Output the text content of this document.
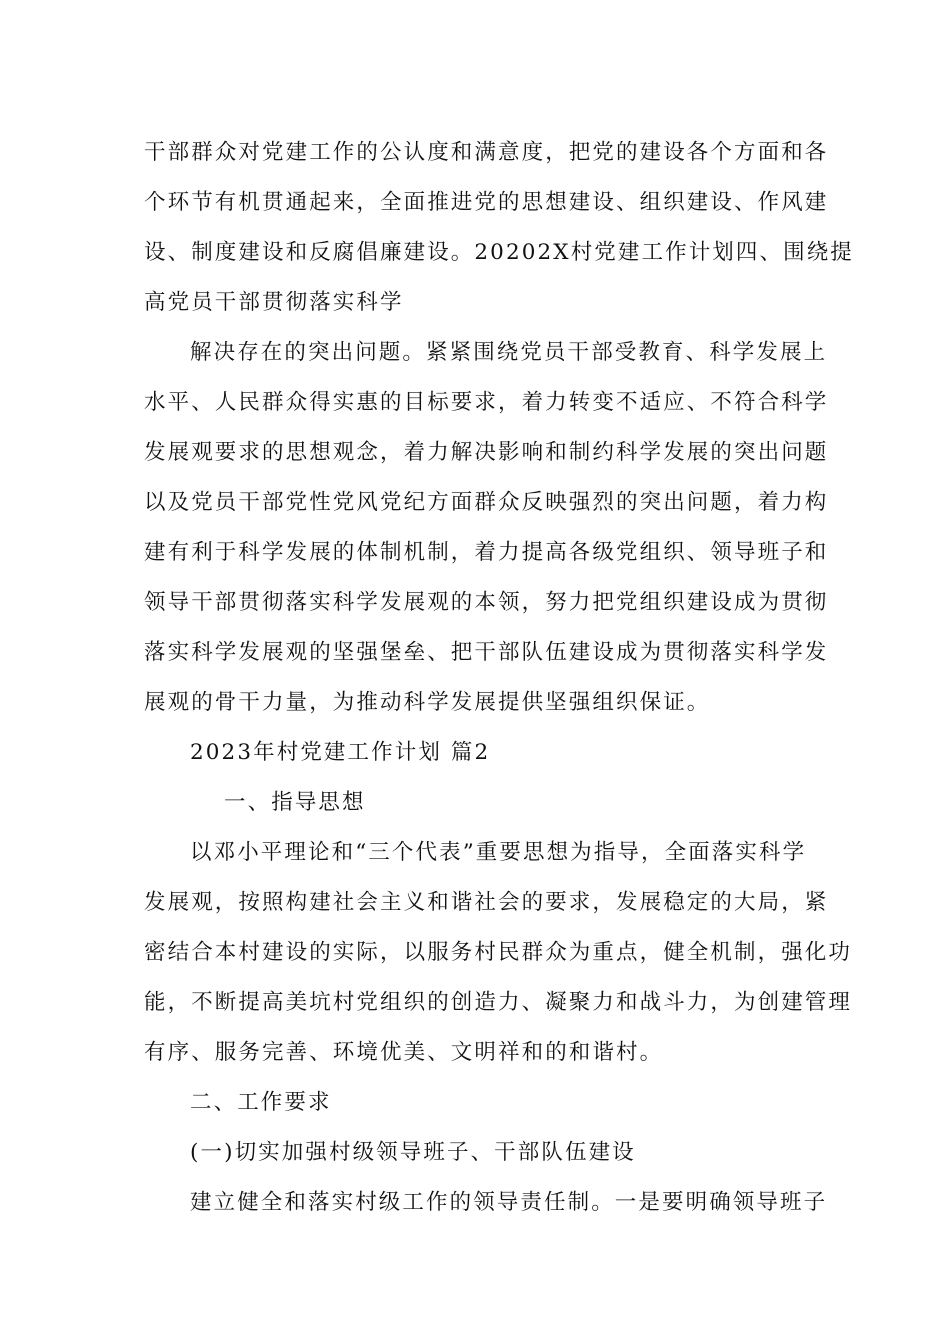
干部群众对党建工作的公认度和满意度，把党的建设各个方面和各
个环节有机贯通起来，全面推进党的思想建设、组织建设、作风建
设、制度建设和反腐倡廉建设。20202X村党建工作计划四、围绕提
高党员干部贯彻落实科学
解决存在的突出问题。紧紧围绕党员干部受教育、科学发展上
水平、人民群众得实惠的目标要求，着力转变不适应、不符合科学
发展观要求的思想观念，着力解决影响和制约科学发展的突出问题
以及党员干部党性党风党纪方面群众反映强烈的突出问题，着力构
建有利于科学发展的体制机制，着力提高各级党组织、领导班子和
领导干部贯彻落实科学发展观的本领，努力把党组织建设成为贯彻
落实科学发展观的坚强堡垒、把干部队伍建设成为贯彻落实科学发
展观的骨干力量，为推动科学发展提供坚强组织保证。
2023年村党建工作计划 篇2
一、指导思想
以邓小平理论和“三个代表”重要思想为指导，全面落实科学
发展观，按照构建社会主义和谐社会的要求，发展稳定的大局，紧
密结合本村建设的实际，以服务村民群众为重点，健全机制，强化功
能，不断提高美坑村党组织的创造力、凝聚力和战斗力，为创建管理
有序、服务完善、环境优美、文明祥和的和谐村。
二、工作要求
(一)切实加强村级领导班子、干部队伍建设
建立健全和落实村级工作的领导责任制。一是要明确领导班子
